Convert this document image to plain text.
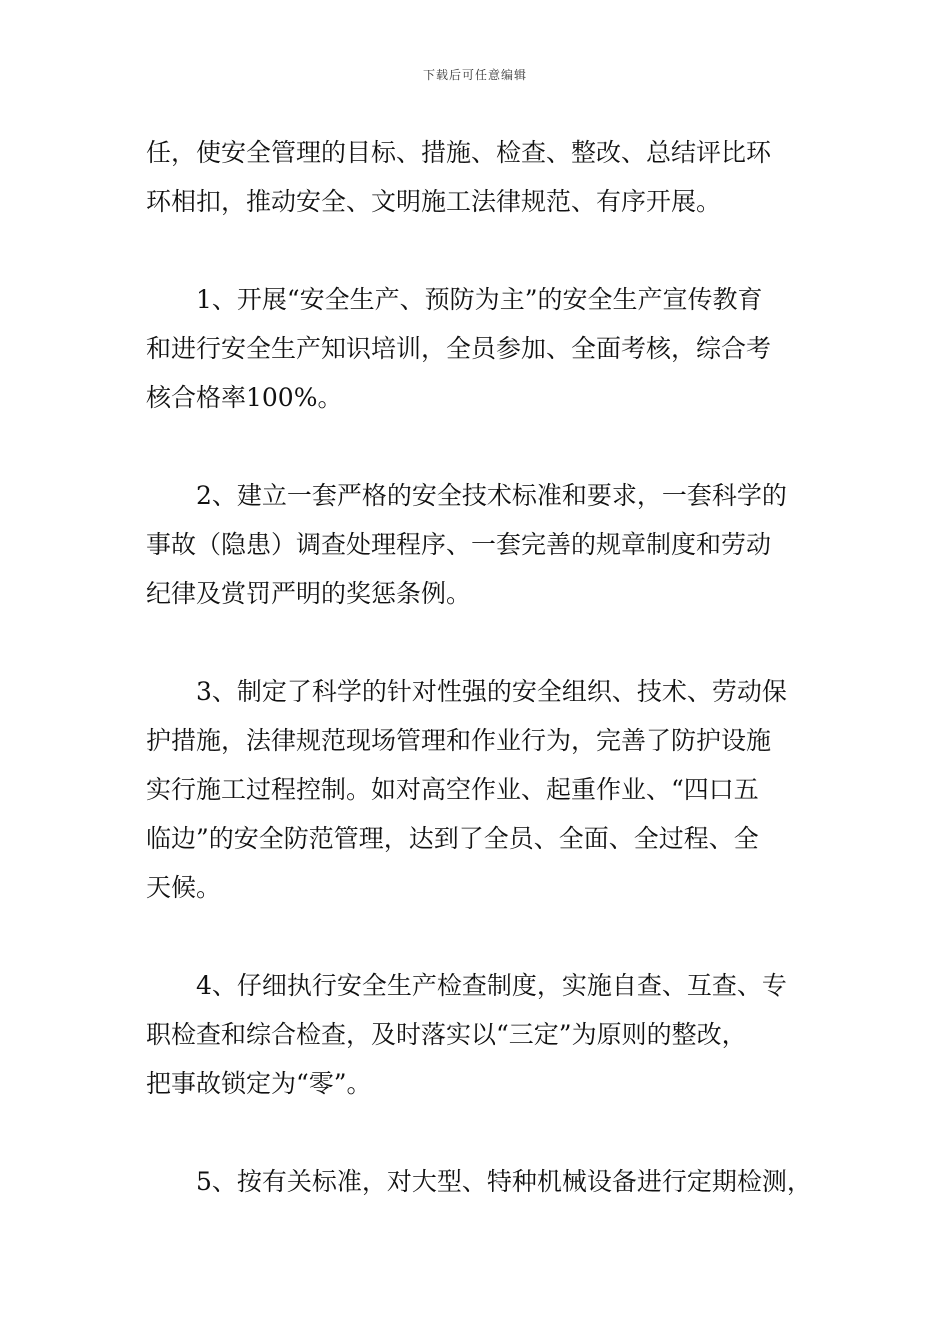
下载后可任意编辑
任，使安全管理的目标、措施、检查、整改、总结评比环
环相扣，推动安全、文明施工法律规范、有序开展。
1、开展“安全生产、预防为主”的安全生产宣传教育
和进行安全生产知识培训，全员参加、全面考核，综合考
核合格率100%。
2、建立一套严格的安全技术标准和要求，一套科学的
事故（隐患）调查处理程序、一套完善的规章制度和劳动
纪律及赏罚严明的奖惩条例。
3、制定了科学的针对性强的安全组织、技术、劳动保
护措施，法律规范现场管理和作业行为，完善了防护设施
实行施工过程控制。如对高空作业、起重作业、“四口五
临边”的安全防范管理，达到了全员、全面、全过程、全
天候。
4、仔细执行安全生产检查制度，实施自查、互查、专
职检查和综合检查，及时落实以“三定”为原则的整改，
把事故锁定为“零”。
5、按有关标准，对大型、特种机械设备进行定期检测，
